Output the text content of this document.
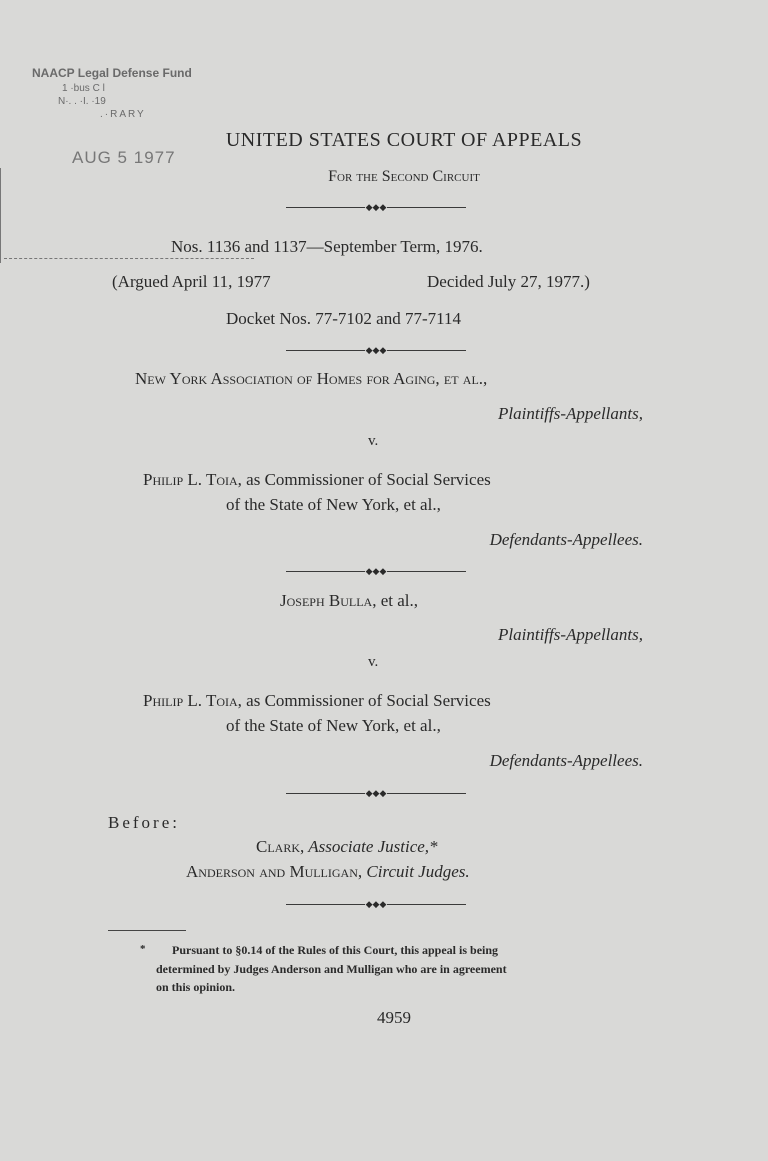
NAACP Legal Defense Fund
1 ·bus C l
N·. . ·I. ·19
.·RARY
AUG 5 1977
UNITED STATES COURT OF APPEALS
For the Second Circuit
◆◆◆
Nos. 1136 and 1137—September Term, 1976.
(Argued April 11, 1977	Decided July 27, 1977.)
Docket Nos. 77-7102 and 77-7114
◆◆◆
New York Association of Homes for Aging, et al.,
Plaintiffs-Appellants,
v.
Philip L. Toia, as Commissioner of Social Services
of the State of New York, et al.,
Defendants-Appellees.
◆◆◆
Joseph Bulla, et al.,
Plaintiffs-Appellants,
v.
Philip L. Toia, as Commissioner of Social Services
of the State of New York, et al.,
Defendants-Appellees.
◆◆◆
Before:
Clark, Associate Justice,*
Anderson and Mulligan, Circuit Judges.
◆◆◆
* Pursuant to §0.14 of the Rules of this Court, this appeal is being
determined by Judges Anderson and Mulligan who are in agreement
on this opinion.
4959
